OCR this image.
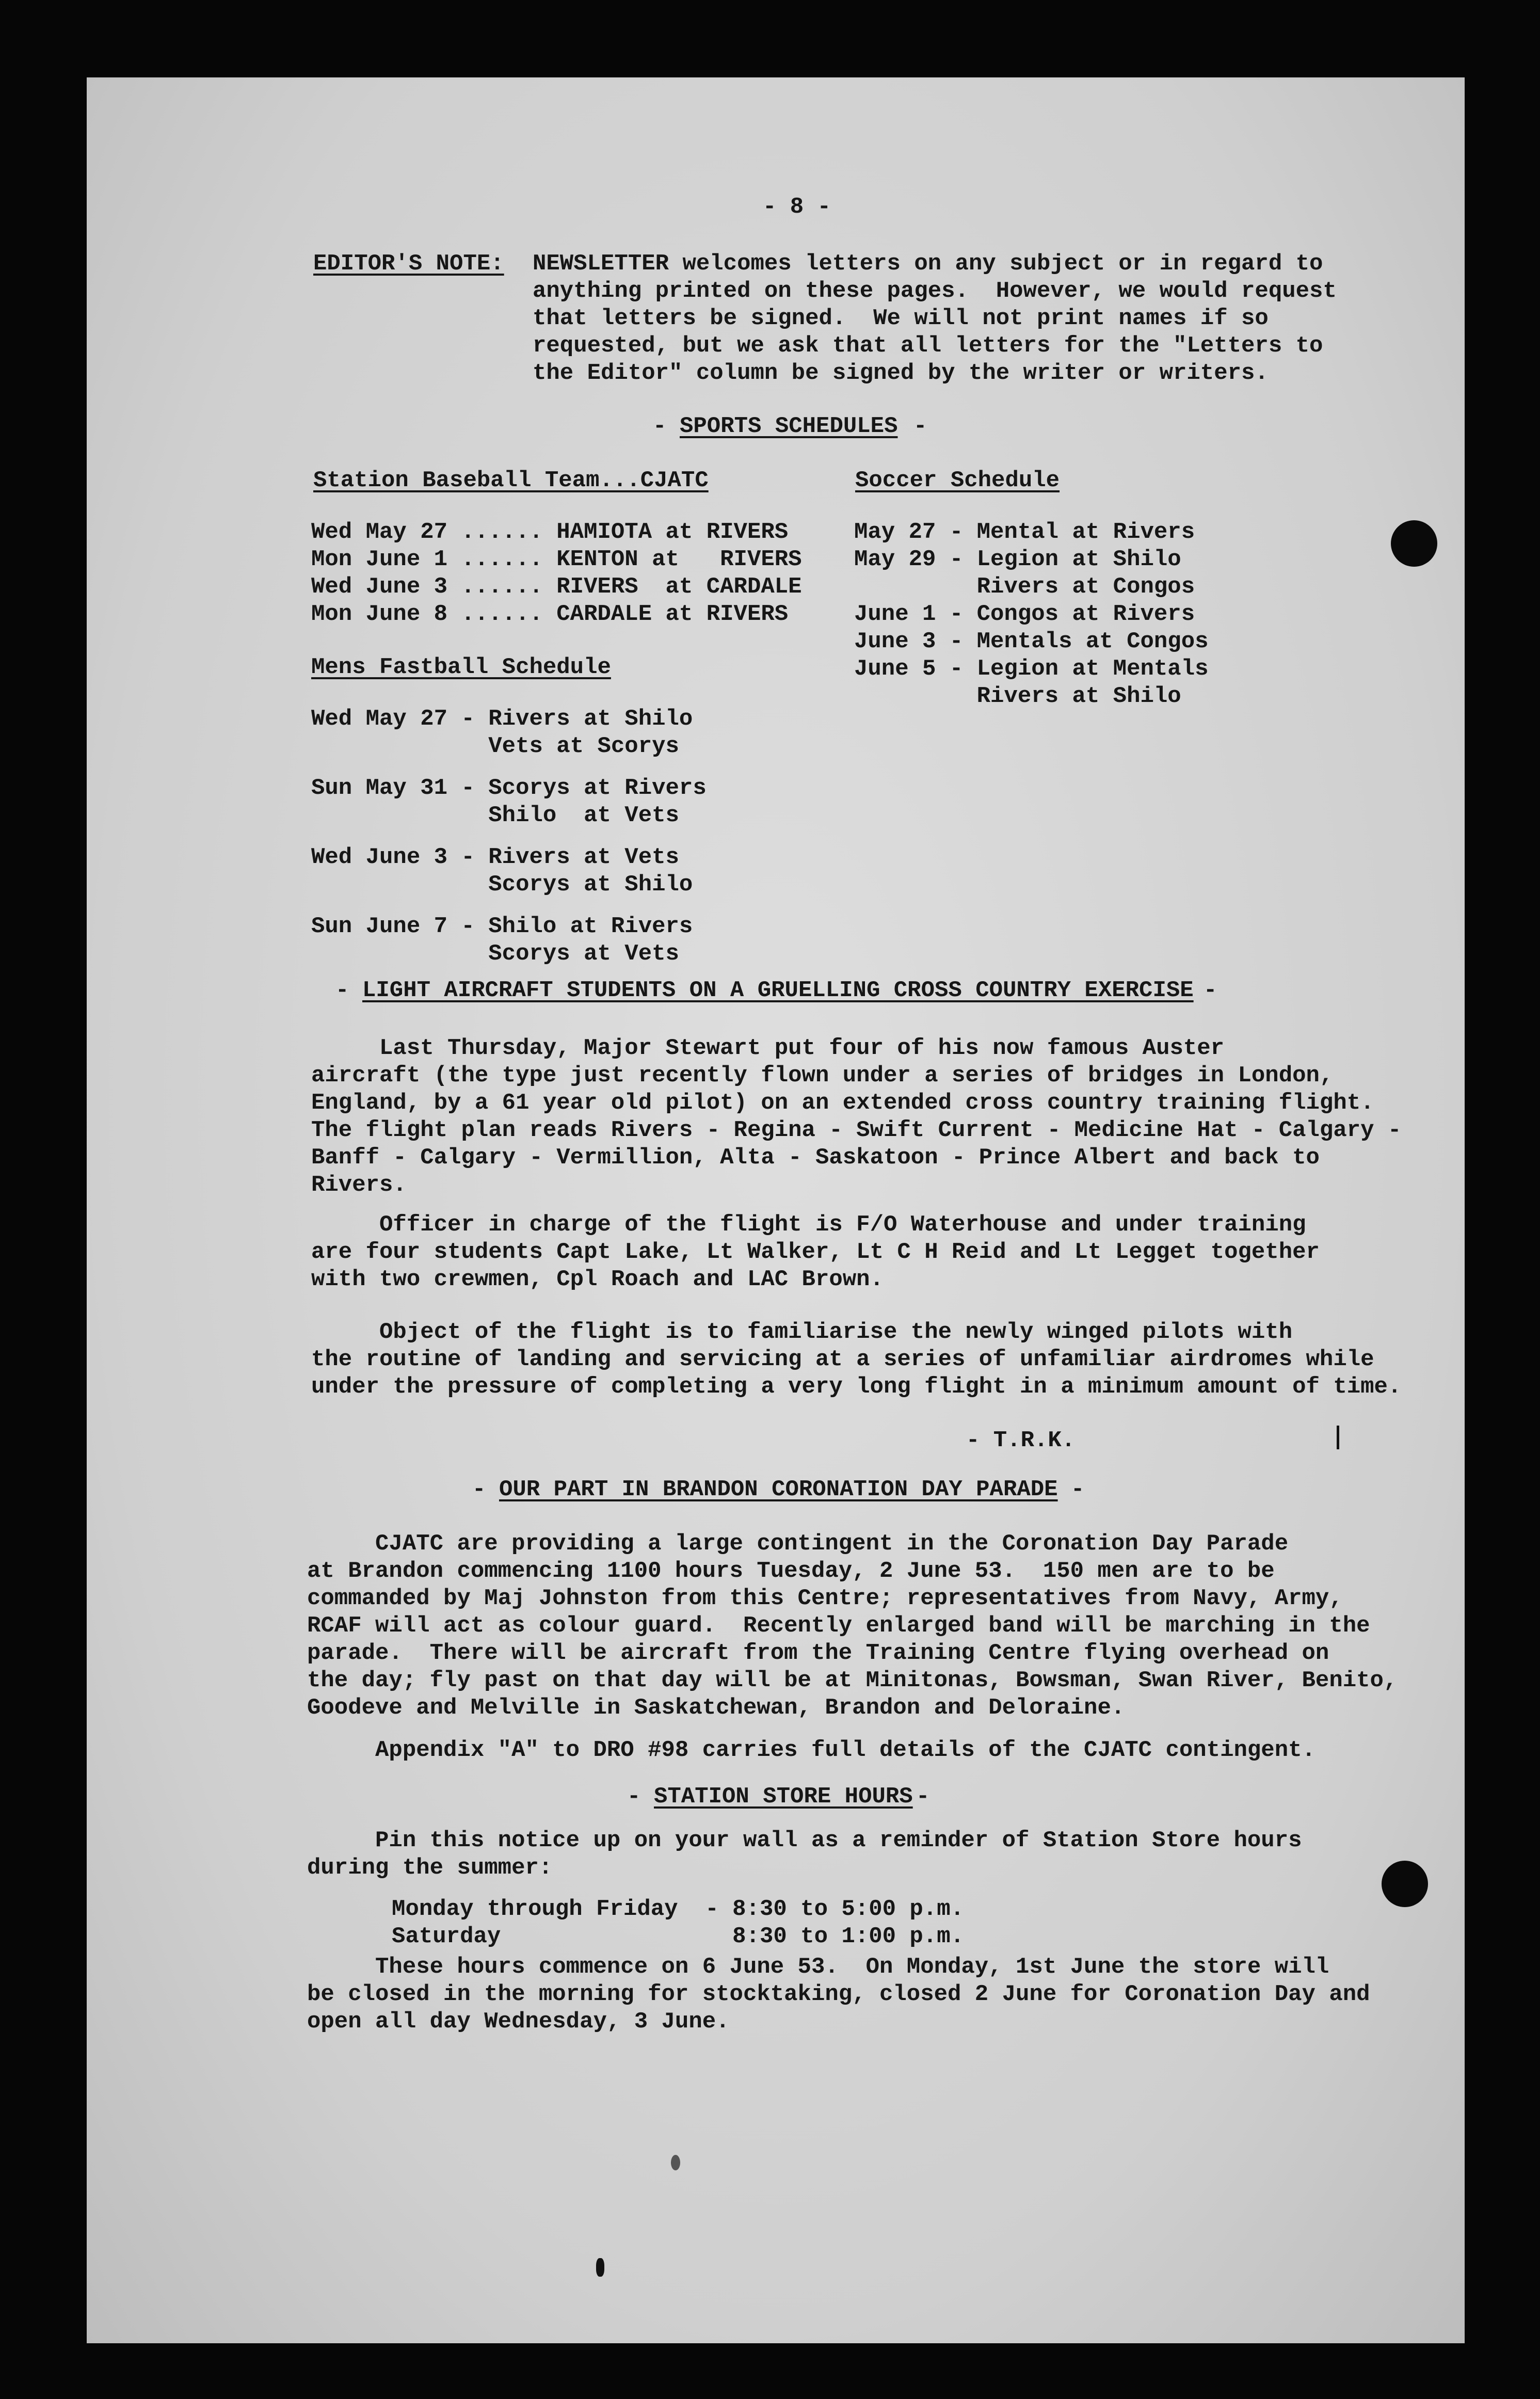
- 8 -
EDITOR'S NOTE: NEWSLETTER welcomes letters on any subject or in regard to
anything printed on these pages.  However, we would request
that letters be signed.  We will not print names if so
requested, but we ask that all letters for the "Letters to
the Editor" column be signed by the writer or writers.
- SPORTS SCHEDULES -
Station Baseball Team...CJATC
Wed May 27 ...... HAMIOTA at RIVERS
Mon June 1 ...... KENTON at   RIVERS
Wed June 3 ...... RIVERS  at CARDALE
Mon June 8 ...... CARDALE at RIVERS
Soccer Schedule
May 27 - Mental at Rivers
May 29 - Legion at Shilo
Rivers at Congos
June 1 - Congos at Rivers
June 3 - Mentals at Congos
June 5 - Legion at Mentals
Rivers at Shilo
Mens Fastball Schedule
Wed May 27 - Rivers at Shilo
Vets at Scorys
Sun May 31 - Scorys at Rivers
Shilo  at Vets
Wed June 3 - Rivers at Vets
Scorys at Shilo
Sun June 7 - Shilo at Rivers
Scorys at Vets
- LIGHT AIRCRAFT STUDENTS ON A GRUELLING CROSS COUNTRY EXERCISE -
Last Thursday, Major Stewart put four of his now famous Auster
aircraft (the type just recently flown under a series of bridges in London,
England, by a 61 year old pilot) on an extended cross country training flight.
The flight plan reads Rivers - Regina - Swift Current - Medicine Hat - Calgary -
Banff - Calgary - Vermillion, Alta - Saskatoon - Prince Albert and back to
Rivers.
Officer in charge of the flight is F/O Waterhouse and under training
are four students Capt Lake, Lt Walker, Lt C H Reid and Lt Legget together
with two crewmen, Cpl Roach and LAC Brown.
Object of the flight is to familiarise the newly winged pilots with
the routine of landing and servicing at a series of unfamiliar airdromes while
under the pressure of completing a very long flight in a minimum amount of time.
- T.R.K.
- OUR PART IN BRANDON CORONATION DAY PARADE -
CJATC are providing a large contingent in the Coronation Day Parade
at Brandon commencing 1100 hours Tuesday, 2 June 53.  150 men are to be
commanded by Maj Johnston from this Centre; representatives from Navy, Army,
RCAF will act as colour guard.  Recently enlarged band will be marching in the
parade.  There will be aircraft from the Training Centre flying overhead on
the day; fly past on that day will be at Minitonas, Bowsman, Swan River, Benito,
Goodeve and Melville in Saskatchewan, Brandon and Deloraine.
Appendix "A" to DRO #98 carries full details of the CJATC contingent.
- STATION STORE HOURS -
Pin this notice up on your wall as a reminder of Station Store hours
during the summer:
Monday through Friday  - 8:30 to 5:00 p.m.
Saturday                 8:30 to 1:00 p.m.
These hours commence on 6 June 53.  On Monday, 1st June the store will
be closed in the morning for stocktaking, closed 2 June for Coronation Day and
open all day Wednesday, 3 June.
